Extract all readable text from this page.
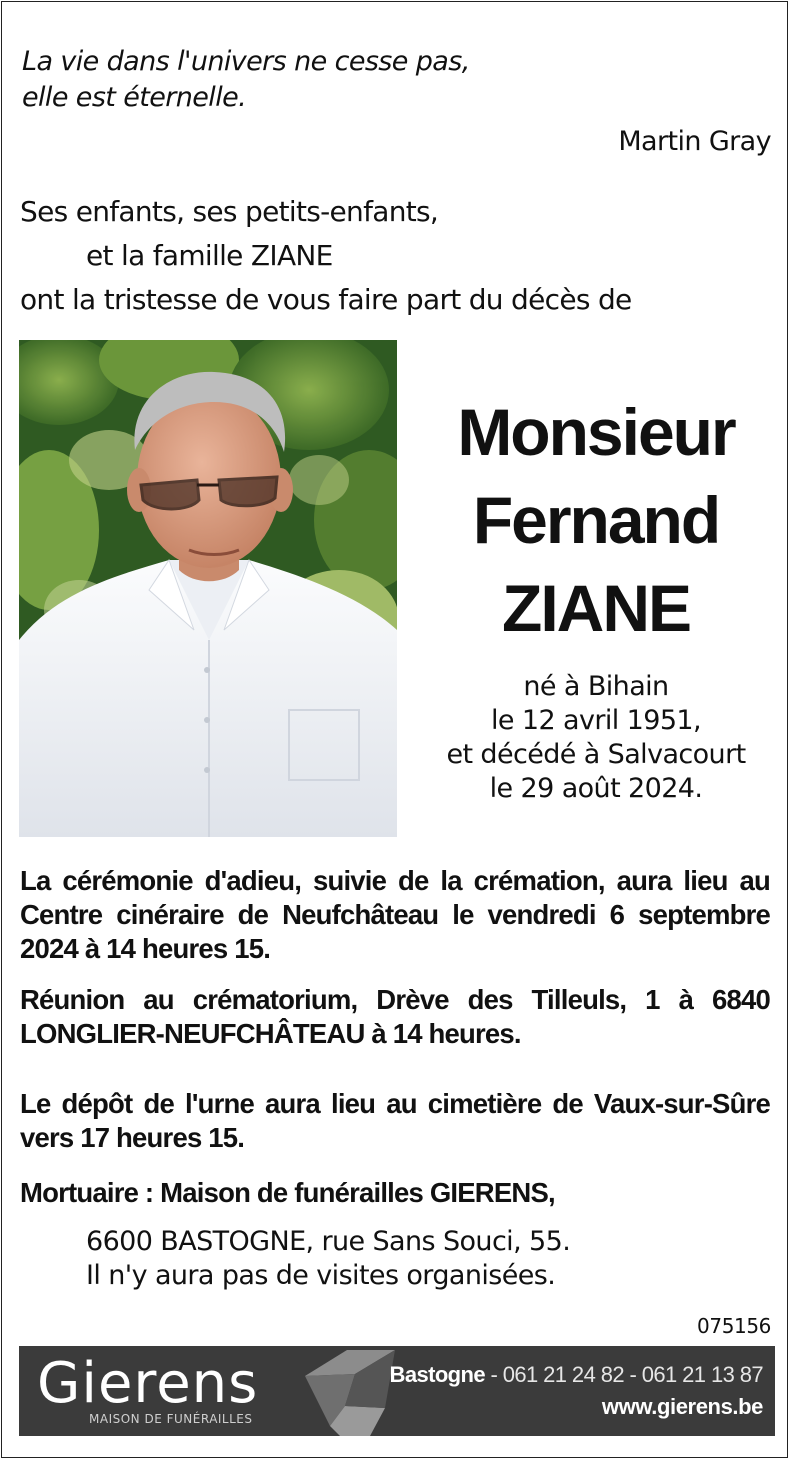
La vie dans l'univers ne cesse pas,
elle est éternelle.
Martin Gray
Ses enfants, ses petits-enfants,
et la famille ZIANE
ont la tristesse de vous faire part du décès de
Monsieur
Fernand
ZIANE
né à Bihain
le 12 avril 1951,
et décédé à Salvacourt
le 29 août 2024.
La cérémonie d'adieu, suivie de la crémation, aura lieu au Centre cinéraire de Neufchâteau le vendredi 6 septembre 2024 à 14 heures 15.
Réunion au crématorium, Drève des Tilleuls, 1 à 6840 LONGLIER-NEUFCHÂTEAU à 14 heures.
Le dépôt de l'urne aura lieu au cimetière de Vaux-sur-Sûre vers 17 heures 15.
Mortuaire : Maison de funérailles GIERENS,
6600 BASTOGNE, rue Sans Souci, 55.
Il n'y aura pas de visites organisées.
075156
Gierens
MAISON DE FUNÉRAILLES
Bastogne - 061 21 24 82 - 061 21 13 87
www.gierens.be
